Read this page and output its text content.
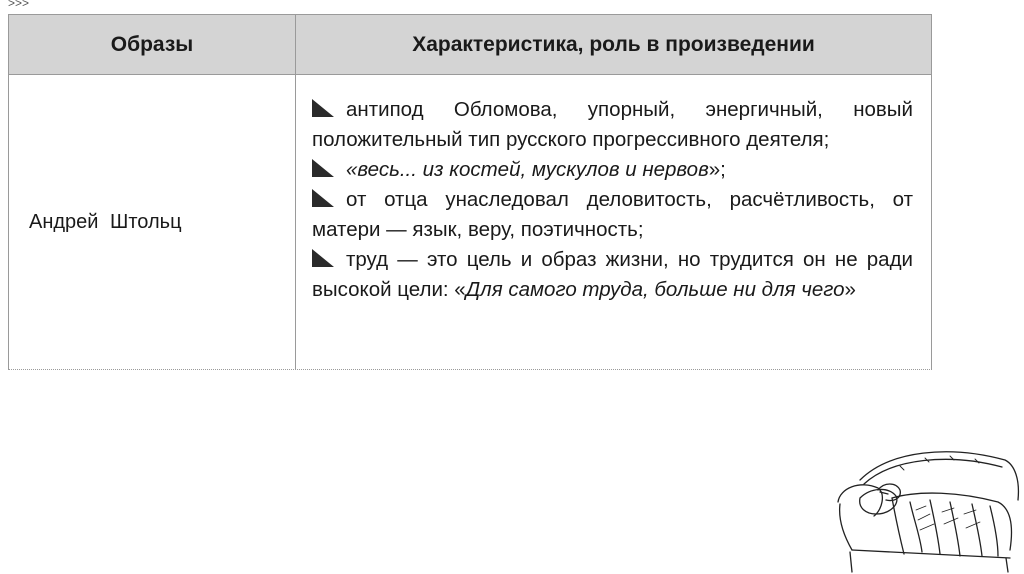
>>>
Образы	Характеристика, роль в произведении
Андрей Штольц
антипод Обломова, упорный, энергичный, новый положительный тип русского прогрессивного деятеля;
«весь... из костей, мускулов и нервов»;
от отца унаследовал деловитость, расчётливость, от матери — язык, веру, поэтичность;
труд — это цель и образ жизни, но трудится он не ради высокой цели: «Для самого труда, больше ни для чего»
